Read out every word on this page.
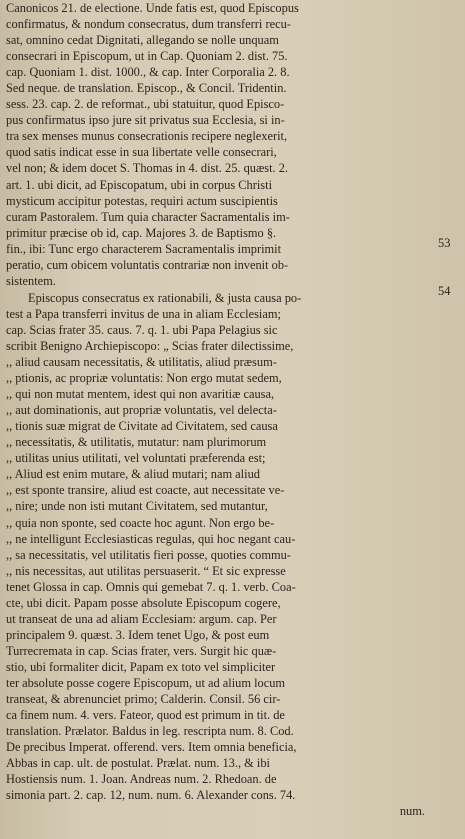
Canonicos 21. de electione. Unde fatis est, quod Episcopus
confirmatus, & nondum consecratus, dum transferri recu-
sat, omnino cedat Dignitati, allegando se nolle unquam
consecrari in Episcopum, ut in Cap. Quoniam 2. dist. 75.
cap. Quoniam 1. dist. 1000., & cap. Inter Corporalia 2. 8.
Sed neque. de translation. Episcop., & Concil. Tridentin.
sess. 23. cap. 2. de reformat., ubi statuitur, quod Episco-
pus confirmatus ipso jure sit privatus sua Ecclesia, si in-
tra sex menses munus consecrationis recipere neglexerit,
quod satis indicat esse in sua libertate velle consecrari,
vel non; & idem docet S. Thomas in 4. dist. 25. quæst. 2.
art. 1. ubi dicit, ad Episcopatum, ubi in corpus Christi
mysticum accipitur potestas, requiri actum suscipientis
curam Pastoralem. Tum quia character Sacramentalis im-
primitur præcise ob id, cap. Majores 3. de Baptismo §.
fin., ibi: Tunc ergo characterem Sacramentalis imprimit
peratio, cum obicem voluntatis contrariæ non invenit ob-
sistentem.

Episcopus consecratus ex rationabili, & justa causa po-
test a Papa transferri invitus de una in aliam Ecclesiam;
cap. Scias frater 35. caus. 7. q. 1. ubi Papa Pelagius sic
scribit Benigno Archiepiscopo: „ Scias frater dilectissime,
,, aliud causam necessitatis, & utilitatis, aliud præsum-
,, ptionis, ac propriæ voluntatis: Non ergo mutat sedem,
,, qui non mutat mentem, idest qui non avaritiæ causa,
,, aut dominationis, aut propriæ voluntatis, vel delecta-
,, tionis suæ migrat de Civitate ad Civitatem, sed causa
,, necessitatis, & utilitatis, mutatur: nam plurimorum
,, utilitas unius utilitati, vel voluntati præferenda est;
,, Aliud est enim mutare, & aliud mutari; nam aliud
,, est sponte transire, aliud est coacte, aut necessitate ve-
,, nire; unde non isti mutant Civitatem, sed mutantur,
,, quia non sponte, sed coacte hoc agunt. Non ergo be-
,, ne intelligunt Ecclesiasticas regulas, qui hoc negant cau-
,, sa necessitatis, vel utilitatis fieri posse, quoties commu-
,, nis necessitas, aut utilitas persuaserit. “ Et sic expresse
tenet Glossa in cap. Omnis qui gemebat 7. q. 1. verb. Coa-
cte, ubi dicit. Papam posse absolute Episcopum cogere,
ut transeat de una ad aliam Ecclesiam: argum. cap. Per
principalem 9. quæst. 3. Idem tenet Ugo, & post eum
Turrecremata in cap. Scias frater, vers. Surgit hic quæ-
stio, ubi formaliter dicit, Papam ex toto vel simpliciter
ter absolute posse cogere Episcopum, ut ad alium locum
transeat, & abrenunciet primo; Calderin. Consil. 56 cir-
ca finem num. 4. vers. Fateor, quod est primum in tit. de
translation. Prælator. Baldus in leg. rescripta num. 8. Cod.
De precibus Imperat. offerend. vers. Item omnia beneficia,
Abbas in cap. ult. de postulat. Prælat. num. 13., & ibi
Hostiensis num. 1. Joan. Andreas num. 2. Rhedoan. de
simonia part. 2. cap. 12, num. num. 6. Alexander cons. 74.
num.

53
54
